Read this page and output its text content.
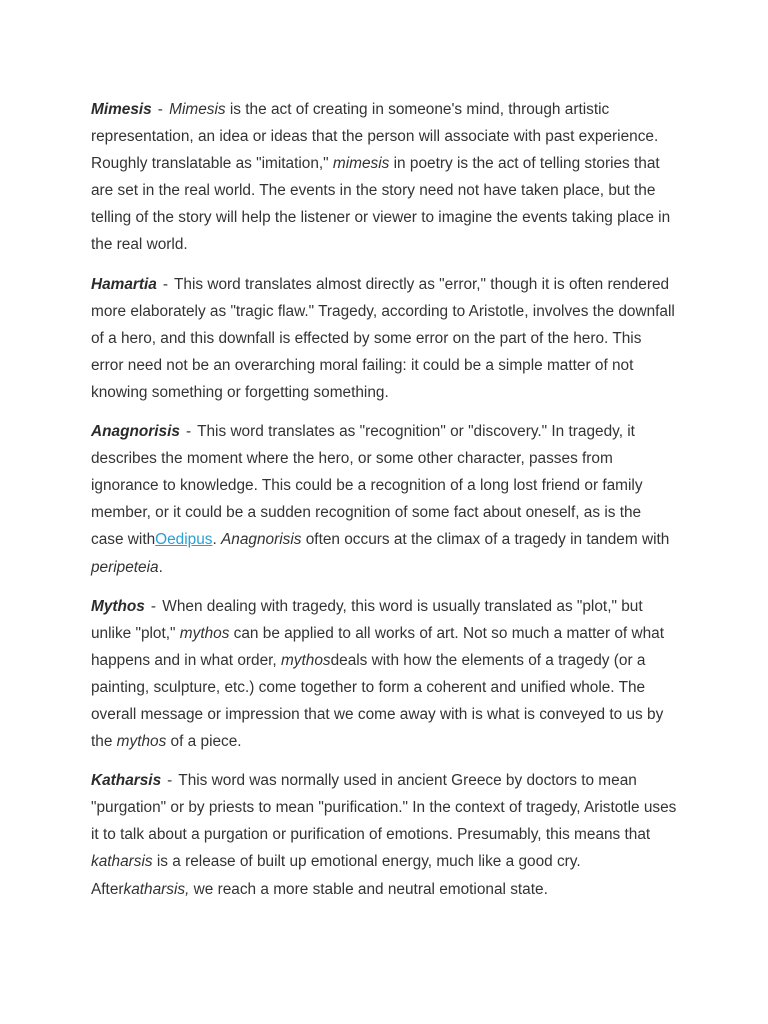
Mimesis - Mimesis is the act of creating in someone's mind, through artistic representation, an idea or ideas that the person will associate with past experience. Roughly translatable as "imitation," mimesis in poetry is the act of telling stories that are set in the real world. The events in the story need not have taken place, but the telling of the story will help the listener or viewer to imagine the events taking place in the real world.

Hamartia - This word translates almost directly as "error," though it is often rendered more elaborately as "tragic flaw." Tragedy, according to Aristotle, involves the downfall of a hero, and this downfall is effected by some error on the part of the hero. This error need not be an overarching moral failing: it could be a simple matter of not knowing something or forgetting something.

Anagnorisis - This word translates as "recognition" or "discovery." In tragedy, it describes the moment where the hero, or some other character, passes from ignorance to knowledge. This could be a recognition of a long lost friend or family member, or it could be a sudden recognition of some fact about oneself, as is the case withOedipus. Anagnorisis often occurs at the climax of a tragedy in tandem with peripeteia.

Mythos - When dealing with tragedy, this word is usually translated as "plot," but unlike "plot," mythos can be applied to all works of art. Not so much a matter of what happens and in what order, mythosdeals with how the elements of a tragedy (or a painting, sculpture, etc.) come together to form a coherent and unified whole. The overall message or impression that we come away with is what is conveyed to us by the mythos of a piece.

Katharsis - This word was normally used in ancient Greece by doctors to mean "purgation" or by priests to mean "purification." In the context of tragedy, Aristotle uses it to talk about a purgation or purification of emotions. Presumably, this means that katharsis is a release of built up emotional energy, much like a good cry. Afterkatharsis, we reach a more stable and neutral emotional state.
